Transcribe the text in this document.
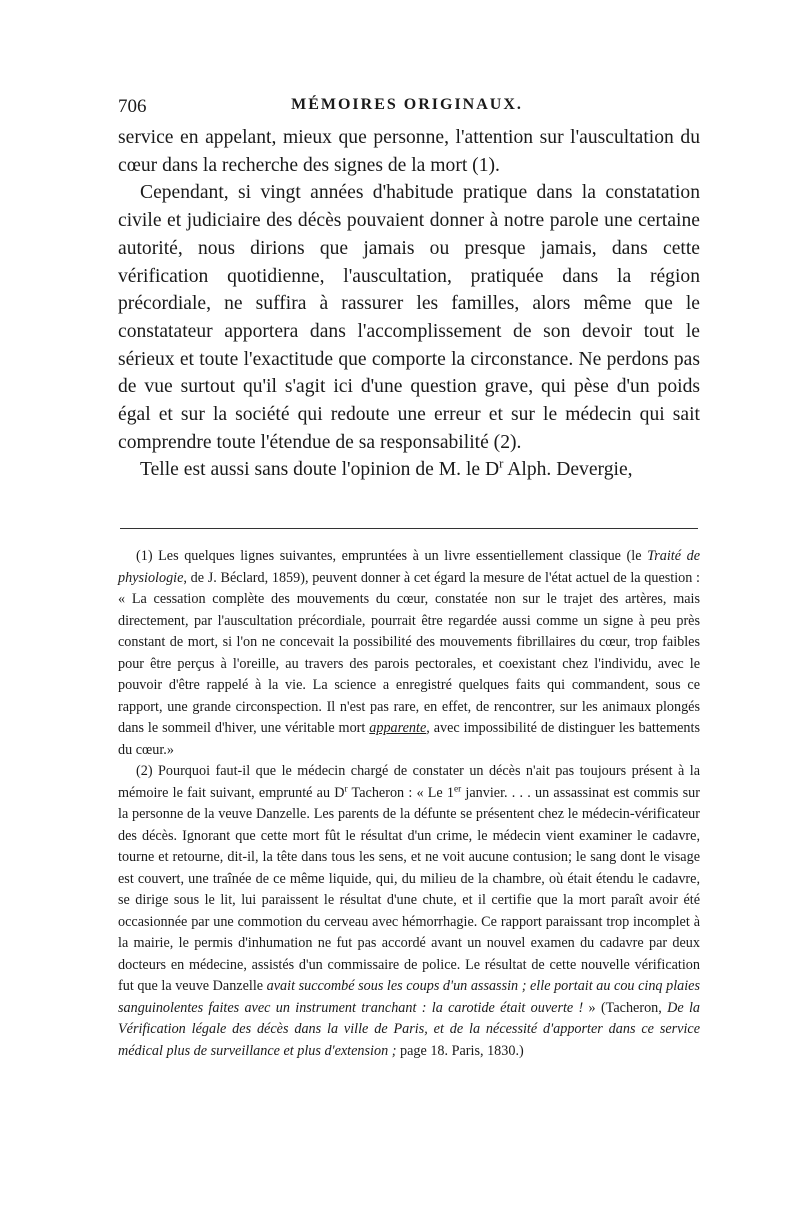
706	MÉMOIRES ORIGINAUX.

service en appelant, mieux que personne, l'attention sur l'auscultation du cœur dans la recherche des signes de la mort (1).

Cependant, si vingt années d'habitude pratique dans la constatation civile et judiciaire des décès pouvaient donner à notre parole une certaine autorité, nous dirions que jamais ou presque jamais, dans cette vérification quotidienne, l'auscultation, pratiquée dans la région précordiale, ne suffira à rassurer les familles, alors même que le constatateur apportera dans l'accomplissement de son devoir tout le sérieux et toute l'exactitude que comporte la circonstance. Ne perdons pas de vue surtout qu'il s'agit ici d'une question grave, qui pèse d'un poids égal et sur la société qui redoute une erreur et sur le médecin qui sait comprendre toute l'étendue de sa responsabilité (2).

Telle est aussi sans doute l'opinion de M. le $D^r$ Alph. Devergie,

(1) Les quelques lignes suivantes, empruntées à un livre essentiellement classique (le Traité de physiologie, de J. Béclard, 1859), peuvent donner à cet égard la mesure de l'état actuel de la question : « La cessation complète des mouvements du cœur, constatée non sur le trajet des artères, mais directement, par l'auscultation précordiale, pourrait être regardée aussi comme un signe à peu près constant de mort, si l'on ne concevait la possibilité des mouvements fibrillaires du cœur, trop faibles pour être perçus à l'oreille, au travers des parois pectorales, et coexistant chez l'individu, avec le pouvoir d'être rappelé à la vie. La science a enregistré quelques faits qui commandent, sous ce rapport, une grande circonspection. Il n'est pas rare, en effet, de rencontrer, sur les animaux plongés dans le sommeil d'hiver, une véritable mort apparente, avec impossibilité de distinguer les battements du cœur.»

(2) Pourquoi faut-il que le médecin chargé de constater un décès n'ait pas toujours présent à la mémoire le fait suivant, emprunté au $D^r$ Tacheron : « Le 1er janvier. . . . un assassinat est commis sur la personne de la veuve Danzelle. Les parents de la défunte se présentent chez le médecin-vérificateur des décès. Ignorant que cette mort fût le résultat d'un crime, le médecin vient examiner le cadavre, tourne et retourne, dit-il, la tête dans tous les sens, et ne voit aucune contusion; le sang dont le visage est couvert, une traînée de ce même liquide, qui, du milieu de la chambre, où était étendu le cadavre, se dirige sous le lit, lui paraissent le résultat d'une chute, et il certifie que la mort paraît avoir été occasionnée par une commotion du cerveau avec hémorrhagie. Ce rapport paraissant trop incomplet à la mairie, le permis d'inhumation ne fut pas accordé avant un nouvel examen du cadavre par deux docteurs en médecine, assistés d'un commissaire de police. Le résultat de cette nouvelle vérification fut que la veuve Danzelle avait succombé sous les coups d'un assassin ; elle portait au cou cinq plaies sanguinolentes faites avec un instrument tranchant : la carotide était ouverte ! » (Tacheron, De la Vérification légale des décès dans la ville de Paris, et de la nécessité d'apporter dans ce service médical plus de surveillance et plus d'extension ; page 18. Paris, 1830.)
